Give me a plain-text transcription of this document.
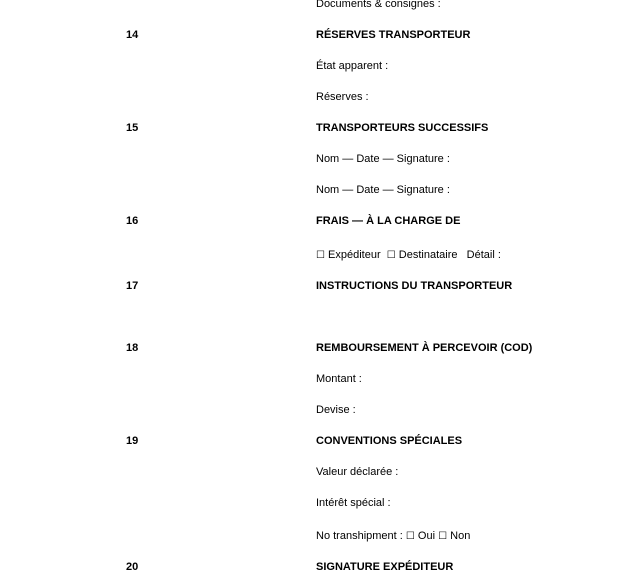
Documents & consignes :
14	RÉSERVES TRANSPORTEUR
État apparent :
Réserves :
15	TRANSPORTEURS SUCCESSIFS
Nom — Date — Signature :
Nom — Date — Signature :
16	FRAIS — À LA CHARGE DE
☐ Expéditeur ☐ Destinataire Détail :
17	INSTRUCTIONS DU TRANSPORTEUR
18	REMBOURSEMENT À PERCEVOIR (COD)
Montant :
Devise :
19	CONVENTIONS SPÉCIALES
Valeur déclarée :
Intérêt spécial :
No transhipment : ☐ Oui ☐ Non
20	SIGNATURE EXPÉDITEUR
